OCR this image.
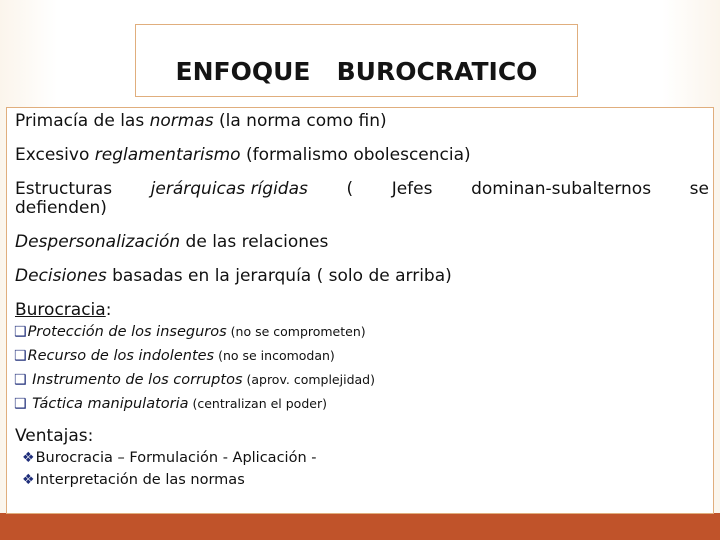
ENFOQUE   BUROCRATICO
Primacía de las normas (la norma como fin)
Excesivo reglamentarismo (formalismo obolescencia)
Estructuras jerárquicas rígidas ( Jefes dominan-subalternos se
defienden)
Despersonalización de las relaciones
Decisiones basadas en la jerarquía ( solo de arriba)
Burocracia:
❑Protección de los inseguros (no se comprometen)
❑Recurso de los indolentes (no se incomodan)
❑ Instrumento de los corruptos (aprov. complejidad)
❑ Táctica manipulatoria (centralizan el poder)
Ventajas:
❖Burocracia – Formulación - Aplicación -
❖Interpretación de las normas
